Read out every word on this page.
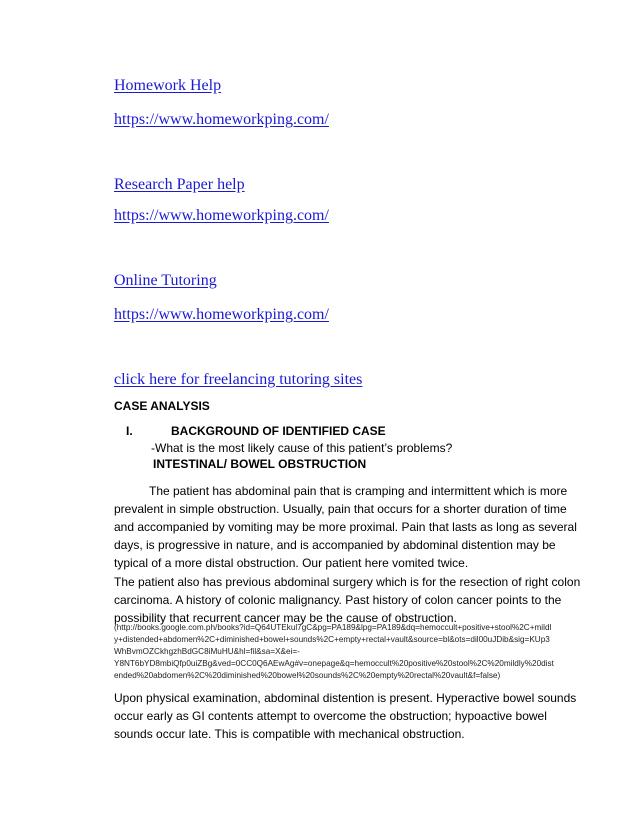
Homework Help
https://www.homeworkping.com/
Research Paper help
https://www.homeworkping.com/
Online Tutoring
https://www.homeworkping.com/
click here for freelancing tutoring sites
CASE ANALYSIS
I.	BACKGROUND OF IDENTIFIED CASE
-What is the most likely cause of this patient’s problems?
INTESTINAL/ BOWEL OBSTRUCTION
The patient has abdominal pain that is cramping and intermittent which is more
prevalent in simple obstruction. Usually, pain that occurs for a shorter duration of time
and accompanied by vomiting may be more proximal. Pain that lasts as long as several
days, is progressive in nature, and is accompanied by abdominal distention may be
typical of a more distal obstruction. Our patient here vomited twice.
The patient also has previous abdominal surgery which is for the resection of right colon
carcinoma. A history of colonic malignancy. Past history of colon cancer points to the
possibility that recurrent cancer may be the cause of obstruction.
(http://books.google.com.ph/books?id=Q64UTEkul7gC&pg=PA189&lpg=PA189&dq=hemoccult+positive+stool%2C+mildl
y+distended+abdomen%2C+diminished+bowel+sounds%2C+empty+rectal+vault&source=bl&ots=dil00uJDib&sig=KUp3
WhBvmOZCkhgzhBdGC8iMuHU&hl=fil&sa=X&ei=-
Y8NT6bYD8mbiQfp0uiZBg&ved=0CC0Q6AEwAg#v=onepage&q=hemoccult%20positive%20stool%2C%20mildly%20dist
ended%20abdomen%2C%20diminished%20bowel%20sounds%2C%20empty%20rectal%20vault&f=false)
Upon physical examination, abdominal distention is present. Hyperactive bowel sounds
occur early as GI contents attempt to overcome the obstruction; hypoactive bowel
sounds occur late. This is compatible with mechanical obstruction.
